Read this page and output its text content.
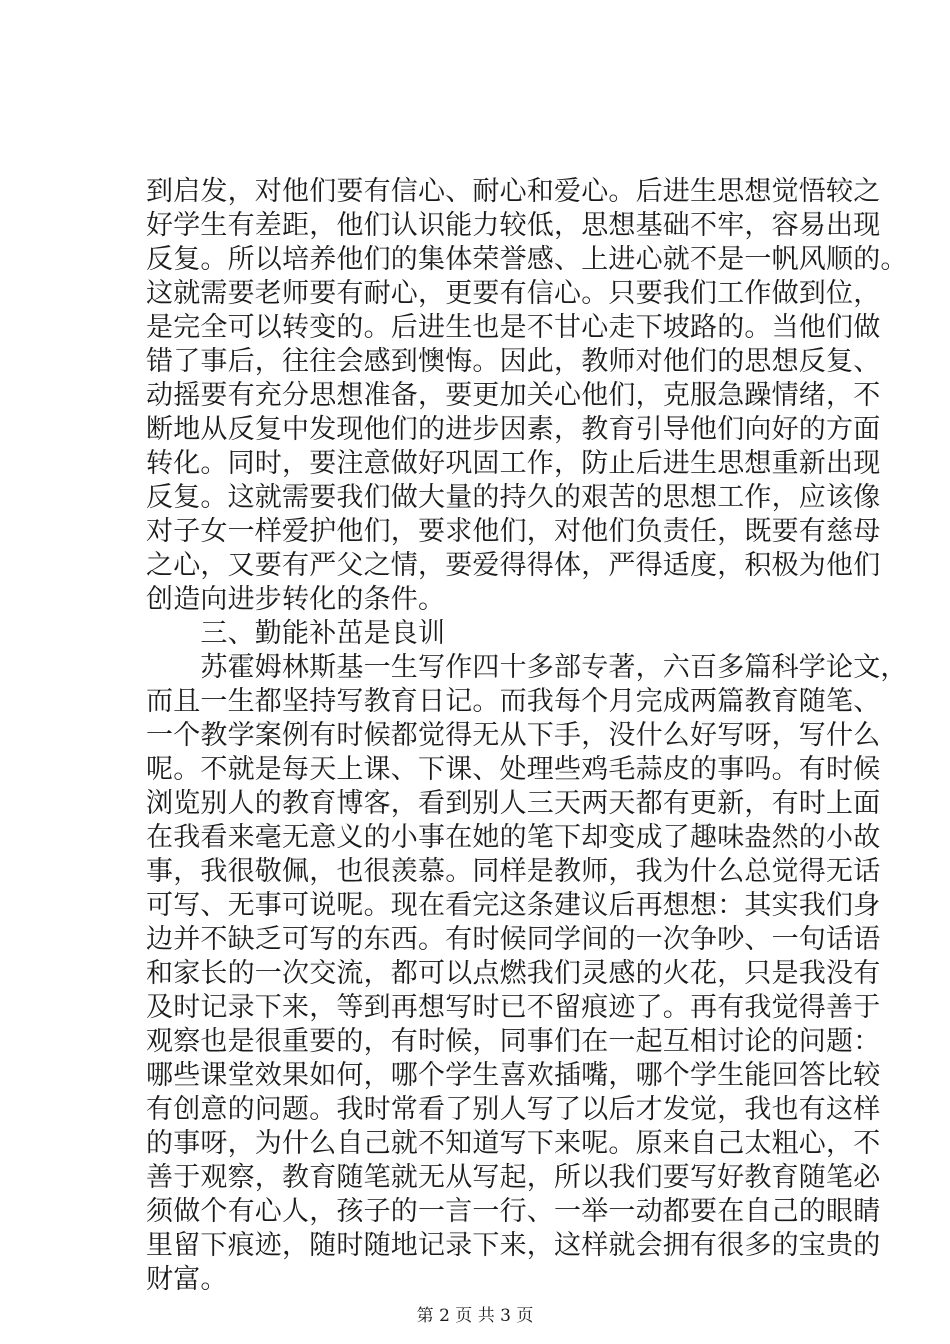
到启发，对他们要有信心、耐心和爱心。后进生思想觉悟较之
好学生有差距，他们认识能力较低，思想基础不牢，容易出现
反复。所以培养他们的集体荣誉感、上进心就不是一帆风顺的。
这就需要老师要有耐心，更要有信心。只要我们工作做到位，
是完全可以转变的。后进生也是不甘心走下坡路的。当他们做
错了事后，往往会感到懊悔。因此，教师对他们的思想反复、
动摇要有充分思想准备，要更加关心他们，克服急躁情绪，不
断地从反复中发现他们的进步因素，教育引导他们向好的方面
转化。同时，要注意做好巩固工作，防止后进生思想重新出现
反复。这就需要我们做大量的持久的艰苦的思想工作，应该像
对子女一样爱护他们，要求他们，对他们负责任，既要有慈母
之心，又要有严父之情，要爱得得体，严得适度，积极为他们
创造向进步转化的条件。
　　三、勤能补茁是良训
　　苏霍姆林斯基一生写作四十多部专著，六百多篇科学论文，
而且一生都坚持写教育日记。而我每个月完成两篇教育随笔、
一个教学案例有时候都觉得无从下手，没什么好写呀，写什么
呢。不就是每天上课、下课、处理些鸡毛蒜皮的事吗。有时候
浏览别人的教育博客，看到别人三天两天都有更新，有时上面
在我看来毫无意义的小事在她的笔下却变成了趣味盎然的小故
事，我很敬佩，也很羡慕。同样是教师，我为什么总觉得无话
可写、无事可说呢。现在看完这条建议后再想想：其实我们身
边并不缺乏可写的东西。有时候同学间的一次争吵、一句话语
和家长的一次交流，都可以点燃我们灵感的火花，只是我没有
及时记录下来，等到再想写时已不留痕迹了。再有我觉得善于
观察也是很重要的，有时候，同事们在一起互相讨论的问题：
哪些课堂效果如何，哪个学生喜欢插嘴，哪个学生能回答比较
有创意的问题。我时常看了别人写了以后才发觉，我也有这样
的事呀，为什么自己就不知道写下来呢。原来自己太粗心，不
善于观察，教育随笔就无从写起，所以我们要写好教育随笔必
须做个有心人，孩子的一言一行、一举一动都要在自己的眼睛
里留下痕迹，随时随地记录下来，这样就会拥有很多的宝贵的
财富。
第 2 页 共 3 页
